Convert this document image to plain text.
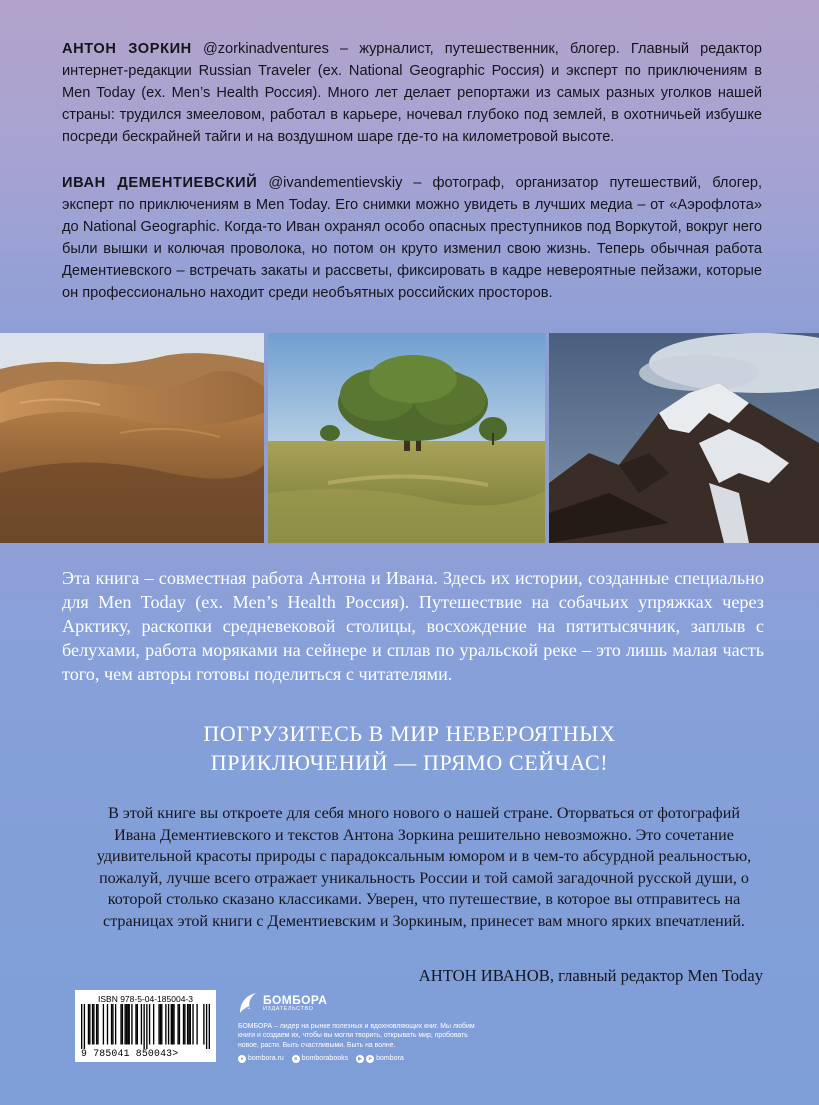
АНТОН ЗОРКИН @zorkinadventures – журналист, путешественник, блогер. Главный редактор интернет-редакции Russian Traveler (ex. National Geographic Россия) и эксперт по приключениям в Men Today (ex. Men’s Health Россия). Много лет делает репортажи из самых разных уголков нашей страны: трудился змееловом, работал в карьере, ночевал глубоко под землей, в охотничьей избушке посреди бескрайней тайги и на воздушном шаре где-то на километровой высоте.
ИВАН ДЕМЕНТИЕВСКИЙ @ivandementievskiy – фотограф, организатор путешествий, блогер, эксперт по приключениям в Men Today. Его снимки можно увидеть в лучших медиа – от «Аэрофлота» до National Geographic. Когда-то Иван охранял особо опасных преступников под Воркутой, вокруг него были вышки и колючая проволока, но потом он круто изменил свою жизнь. Теперь обычная работа Дементиевского – встречать закаты и рассветы, фиксировать в кадре невероятные пейзажи, которые он профессионально находит среди необъятных российских просторов.
Эта книга – совместная работа Антона и Ивана. Здесь их истории, созданные специально для Men Today (ex. Men’s Health Россия). Путешествие на собачьих упряжках через Арктику, раскопки средневековой столицы, восхождение на пятитысячник, заплыв с белухами, работа моряками на сейнере и сплав по уральской реке – это лишь малая часть того, чем авторы готовы поделиться с читателями.
ПОГРУЗИТЕСЬ В МИР НЕВЕРОЯТНЫХ
ПРИКЛЮЧЕНИЙ — ПРЯМО СЕЙЧАС!
В этой книге вы откроете для себя много нового о нашей стране. Оторваться от фотографий Ивана Дементиевского и текстов Антона Зоркина решительно невозможно. Это сочетание удивительной красоты природы с парадоксальным юмором и в чем-то абсурдной реальностью, пожалуй, лучше всего отражает уникальность России и той самой загадочной русской души, о которой столько сказано классиками. Уверен, что путешествие, в которое вы отправитесь на страницах этой книги с Дементиевским и Зоркиным, принесет вам много ярких впечатлений.
АНТОН ИВАНОВ, главный редактор Men Today
ISBN 978-5-04-185004-3
9 785041 850043>
БОМБОРА
ИЗДАТЕЛЬСТВО
БОМБОРА – лидер на рынке полезных и вдохновляющих книг. Мы любим книги и создаем их, чтобы вы могли творить, открывать мир, пробовать новое, расти. Быть счастливыми. Быть на волне.
● bombora.ru	в bomborabooks	▶	➤ bombora
